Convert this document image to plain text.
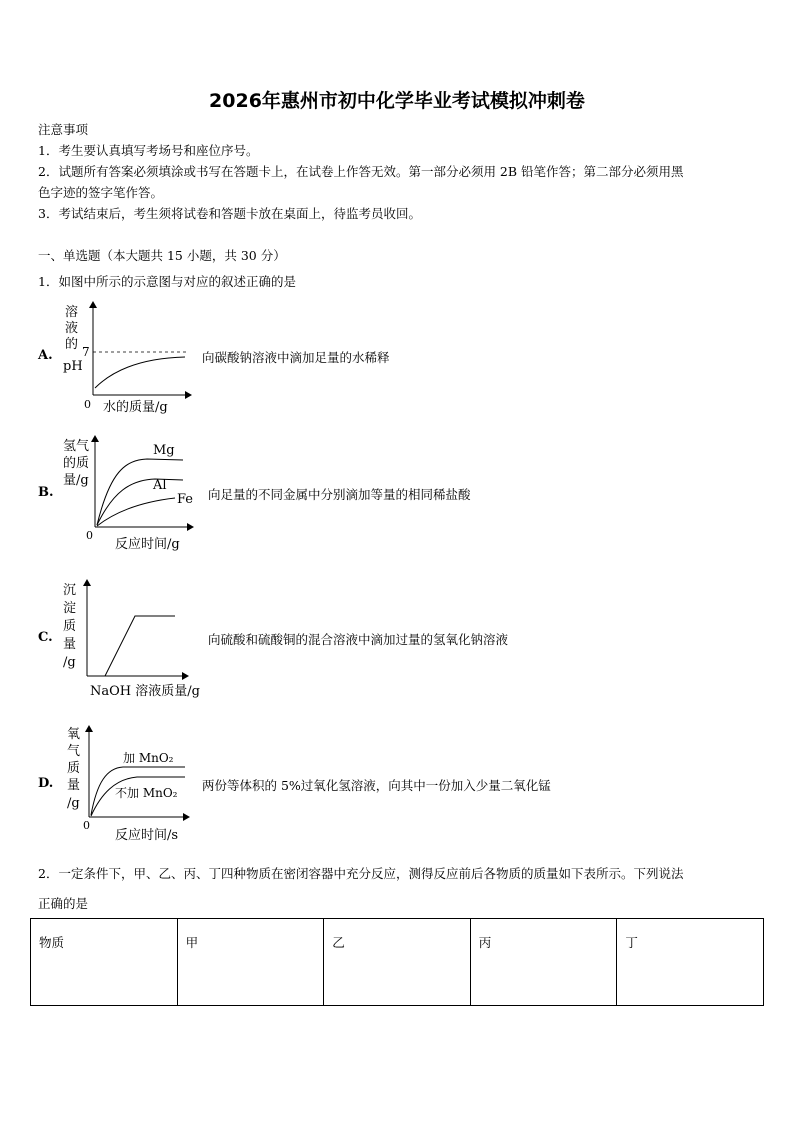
2026年惠州市初中化学毕业考试模拟冲刺卷
注意事项
1．考生要认真填写考场号和座位序号。
2．试题所有答案必须填涂或书写在答题卡上，在试卷上作答无效。第一部分必须用 2B 铅笔作答；第二部分必须用黑
色字迹的签字笔作答。
3．考试结束后，考生须将试卷和答题卡放在桌面上，待监考员收回。
一、单选题（本大题共 15 小题，共 30 分）
1．如图中所示的示意图与对应的叙述正确的是
A.	向碳酸钠溶液中滴加足量的水稀释
溶
液
的
pH
7
0 水的质量/g
B.	向足量的不同金属中分别滴加等量的相同稀盐酸
氢气
的质
量/g
Mg
Al
Fe
0
反应时间/g
C.	向硫酸和硫酸铜的混合溶液中滴加过量的氢氧化钠溶液
沉
淀
质
量
/g
NaOH 溶液质量/g
D.	两份等体积的 5%过氧化氢溶液，向其中一份加入少量二氧化锰
氧
气
质
量
/g
加 MnO₂
不加 MnO₂
0
反应时间/s
2．一定条件下，甲、乙、丙、丁四种物质在密闭容器中充分反应，测得反应前后各物质的质量如下表所示。下列说法
正确的是
物质	甲	乙	丙	丁
